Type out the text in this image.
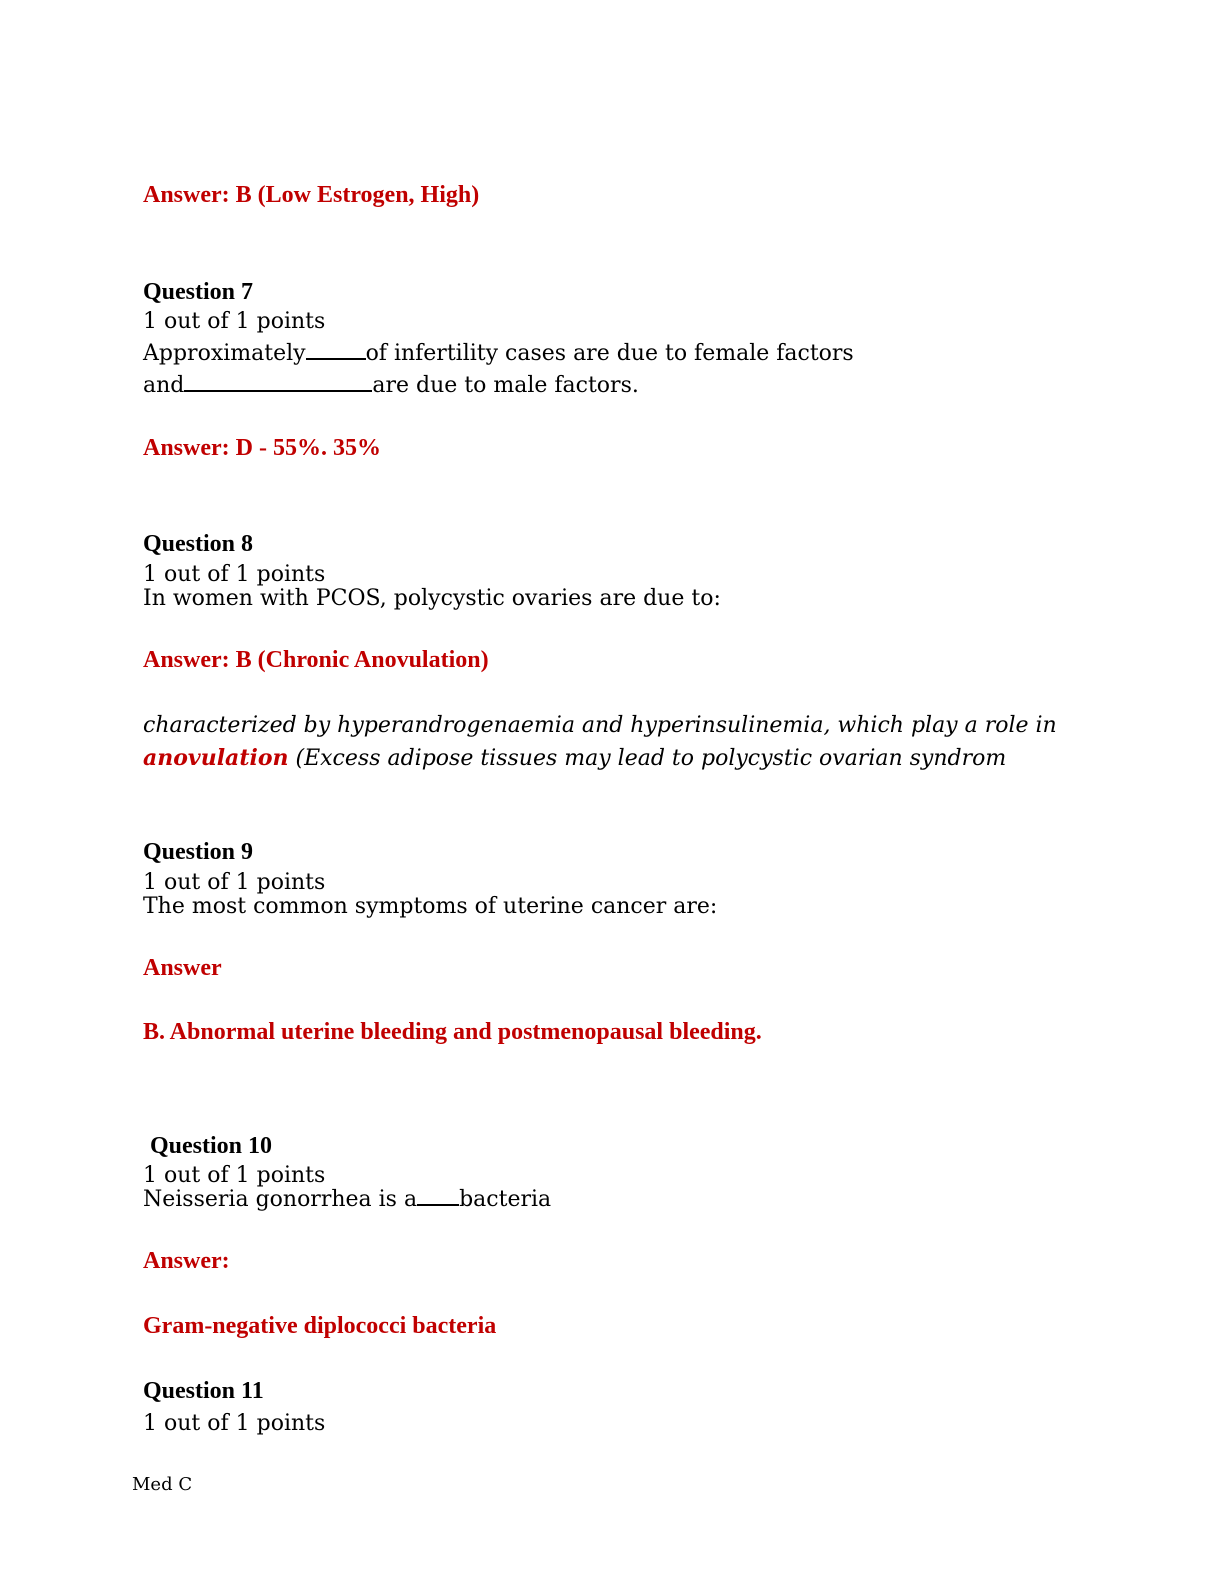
Answer: B (Low Estrogen, High)
Question 7
1 out of 1 points
Approximately	of infertility cases are due to female factors
and	are due to male factors.
Answer: D - 55%. 35%
Question 8
1 out of 1 points
In women with PCOS, polycystic ovaries are due to:
Answer: B (Chronic Anovulation)
characterized by hyperandrogenaemia and hyperinsulinemia, which play a role in
anovulation (Excess adipose tissues may lead to polycystic ovarian syndrom
Question 9
1 out of 1 points
The most common symptoms of uterine cancer are:
Answer
B. Abnormal uterine bleeding and postmenopausal bleeding.
Question 10
1 out of 1 points
Neisseria gonorrhea is a bacteria
Answer:
Gram-negative diplococci bacteria
Question 11
1 out of 1 points
Med C
